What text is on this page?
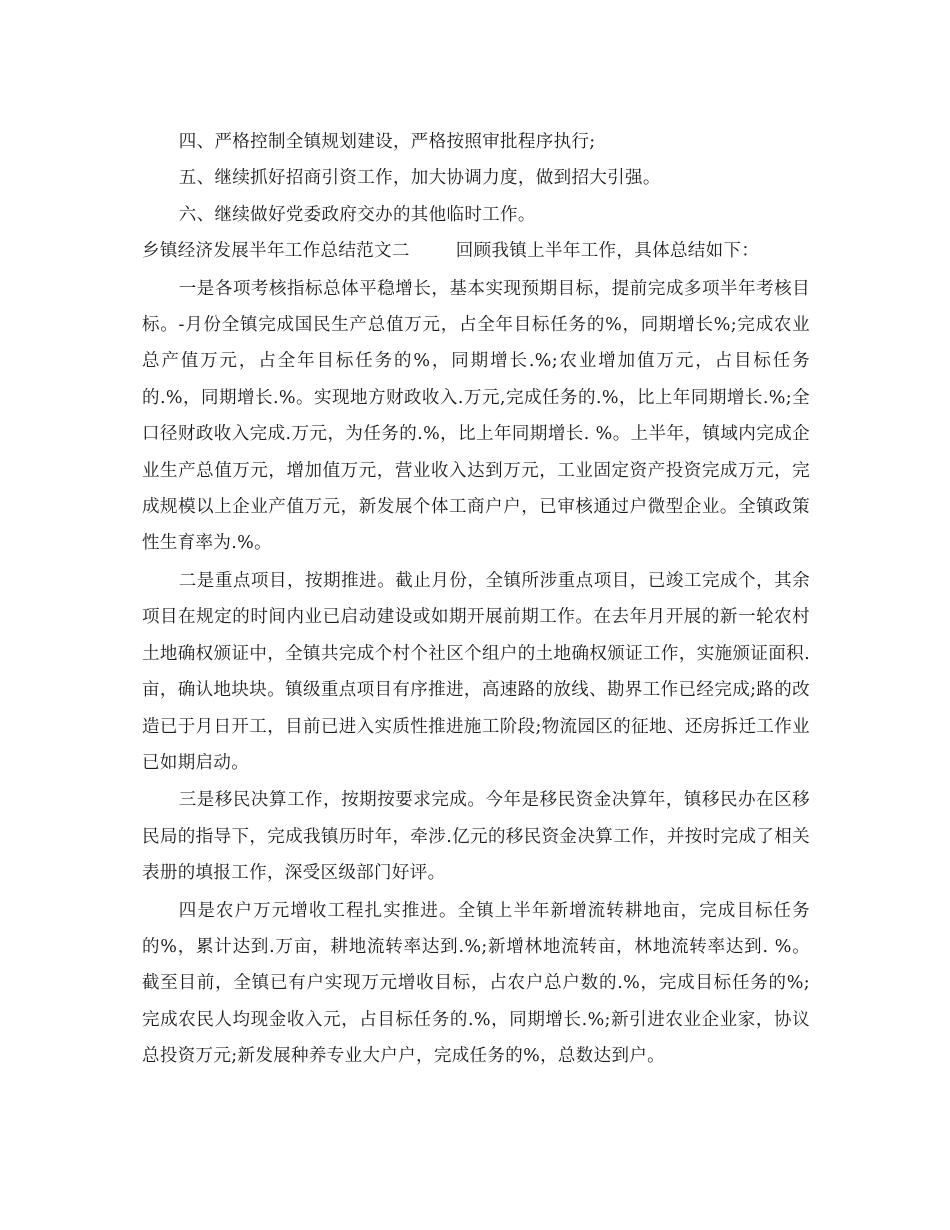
四、严格控制全镇规划建设，严格按照审批程序执行;

五、继续抓好招商引资工作，加大协调力度，做到招大引强。

六、继续做好党委政府交办的其他临时工作。

乡镇经济发展半年工作总结范文二	回顾我镇上半年工作，具体总结如下：

一是各项考核指标总体平稳增长，基本实现预期目标，提前完成多项半年考核目标。-月份全镇完成国民生产总值万元，占全年目标任务的%，同期增长%;完成农业总产值万元，占全年目标任务的%，同期增长.%;农业增加值万元，占目标任务的.%，同期增长.%。实现地方财政收入.万元,完成任务的.%，比上年同期增长.%;全口径财政收入完成.万元，为任务的.%，比上年同期增长. %。上半年，镇域内完成企业生产总值万元，增加值万元，营业收入达到万元，工业固定资产投资完成万元，完成规模以上企业产值万元，新发展个体工商户户，已审核通过户微型企业。全镇政策性生育率为.%。

二是重点项目，按期推进。截止月份，全镇所涉重点项目，已竣工完成个，其余项目在规定的时间内业已启动建设或如期开展前期工作。在去年月开展的新一轮农村土地确权颁证中，全镇共完成个村个社区个组户的土地确权颁证工作，实施颁证面积.亩，确认地块块。镇级重点项目有序推进，高速路的放线、勘界工作已经完成;路的改造已于月日开工，目前已进入实质性推进施工阶段;物流园区的征地、还房拆迁工作业已如期启动。

三是移民决算工作，按期按要求完成。今年是移民资金决算年，镇移民办在区移民局的指导下，完成我镇历时年，牵涉.亿元的移民资金决算工作，并按时完成了相关表册的填报工作，深受区级部门好评。

四是农户万元增收工程扎实推进。全镇上半年新增流转耕地亩，完成目标任务的%，累计达到.万亩，耕地流转率达到.%;新增林地流转亩，林地流转率达到. %。截至目前，全镇已有户实现万元增收目标，占农户总户数的.%，完成目标任务的%;完成农民人均现金收入元，占目标任务的.%，同期增长.%;新引进农业企业家，协议总投资万元;新发展种养专业大户户，完成任务的%，总数达到户。
